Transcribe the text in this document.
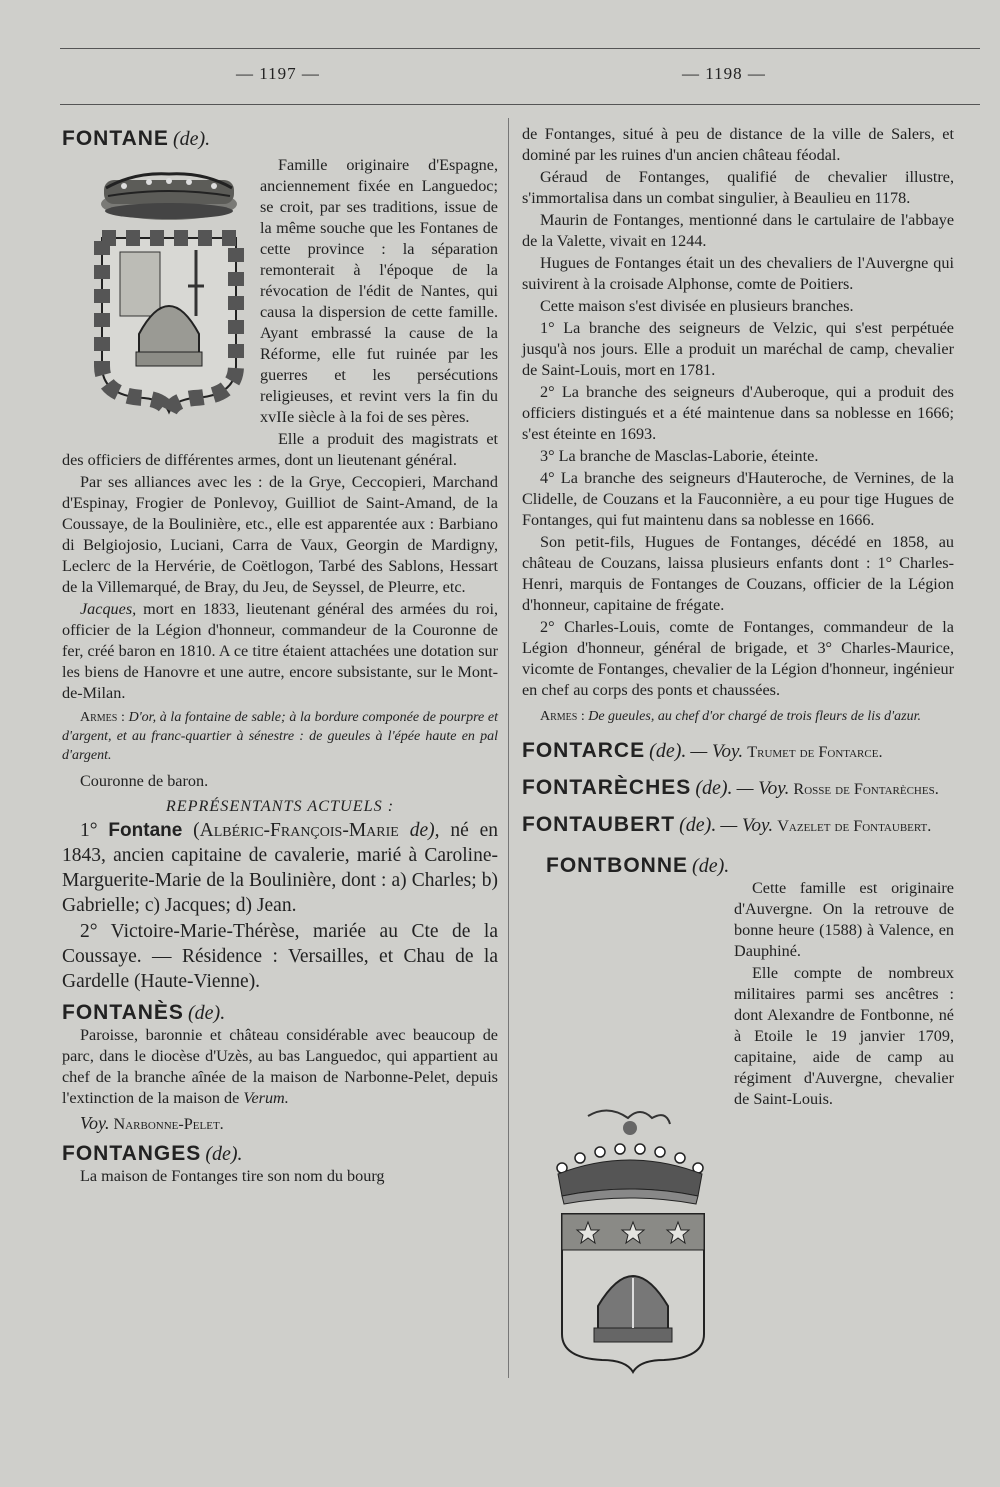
— 1197 —	— 1198 —
FONTANE (de).

Famille originaire d'Espagne, anciennement fixée en Languedoc; se croit, par ses traditions, issue de la même souche que les Fontanes de cette province : la séparation remonterait à l'époque de la révocation de l'édit de Nantes, qui causa la dispersion de cette famille. Ayant embrassé la cause de la Réforme, elle fut ruinée par les guerres et les persécutions religieuses, et revint vers la fin du xvIIe siècle à la foi de ses pères.

Elle a produit des magistrats et des officiers de différentes armes, dont un lieutenant général.

Par ses alliances avec les : de la Grye, Ceccopieri, Marchand d'Espinay, Frogier de Ponlevoy, Guilliot de Saint-Amand, de la Coussaye, de la Boulinière, etc., elle est apparentée aux : Barbiano di Belgiojosio, Luciani, Carra de Vaux, Georgin de Mardigny, Leclerc de la Hervérie, de Coëtlogon, Tarbé des Sablons, Hessart de la Villemarqué, de Bray, du Jeu, de Seyssel, de Pleurre, etc.

Jacques, mort en 1833, lieutenant général des armées du roi, officier de la Légion d'honneur, commandeur de la Couronne de fer, créé baron en 1810. A ce titre étaient attachées une dotation sur les biens de Hanovre et une autre, encore subsistante, sur le Mont-de-Milan.

Armes : D'or, à la fontaine de sable; à la bordure componée de pourpre et d'argent, et au franc-quartier à sénestre : de gueules à l'épée haute en pal d'argent.

Couronne de baron.

REPRÉSENTANTS ACTUELS :

1° Fontane (Albéric-François-Marie de), né en 1843, ancien capitaine de cavalerie, marié à Caroline-Marguerite-Marie de la Boulinière, dont : a) Charles; b) Gabrielle; c) Jacques; d) Jean.

2° Victoire-Marie-Thérèse, mariée au Cte de la Coussaye. — Résidence : Versailles, et Chau de la Gardelle (Haute-Vienne).

FONTANÈS (de).

Paroisse, baronnie et château considérable avec beaucoup de parc, dans le diocèse d'Uzès, au bas Languedoc, qui appartient au chef de la branche aînée de la maison de Narbonne-Pelet, depuis l'extinction de la maison de Verum.

Voy. Narbonne-Pelet.

FONTANGES (de).

La maison de Fontanges tire son nom du bourg

de Fontanges, situé à peu de distance de la ville de Salers, et dominé par les ruines d'un ancien château féodal.

Géraud de Fontanges, qualifié de chevalier illustre, s'immortalisa dans un combat singulier, à Beaulieu en 1178.

Maurin de Fontanges, mentionné dans le cartulaire de l'abbaye de la Valette, vivait en 1244.

Hugues de Fontanges était un des chevaliers de l'Auvergne qui suivirent à la croisade Alphonse, comte de Poitiers.

Cette maison s'est divisée en plusieurs branches.

1° La branche des seigneurs de Velzic, qui s'est perpétuée jusqu'à nos jours. Elle a produit un maréchal de camp, chevalier de Saint-Louis, mort en 1781.

2° La branche des seigneurs d'Auberoque, qui a produit des officiers distingués et a été maintenue dans sa noblesse en 1666; s'est éteinte en 1693.

3° La branche de Masclas-Laborie, éteinte.

4° La branche des seigneurs d'Hauteroche, de Vernines, de la Clidelle, de Couzans et la Fauconnière, a eu pour tige Hugues de Fontanges, qui fut maintenu dans sa noblesse en 1666.

Son petit-fils, Hugues de Fontanges, décédé en 1858, au château de Couzans, laissa plusieurs enfants dont : 1° Charles-Henri, marquis de Fontanges de Couzans, officier de la Légion d'honneur, capitaine de frégate.

2° Charles-Louis, comte de Fontanges, commandeur de la Légion d'honneur, général de brigade, et 3° Charles-Maurice, vicomte de Fontanges, chevalier de la Légion d'honneur, ingénieur en chef au corps des ponts et chaussées.

Armes : De gueules, au chef d'or chargé de trois fleurs de lis d'azur.

FONTARCE (de). — Voy. Trumet de Fontarce.

FONTARÈCHES (de). — Voy. Rosse de Fontarèches.

FONTAUBERT (de). — Voy. Vazelet de Fontaubert.

FONTBONNE (de).

Cette famille est originaire d'Auvergne. On la retrouve de bonne heure (1588) à Valence, en Dauphiné.

Elle compte de nombreux militaires parmi ses ancêtres : dont Alexandre de Fontbonne, né à Etoile le 19 janvier 1709, capitaine, aide de camp au régiment d'Auvergne, chevalier de Saint-Louis.
